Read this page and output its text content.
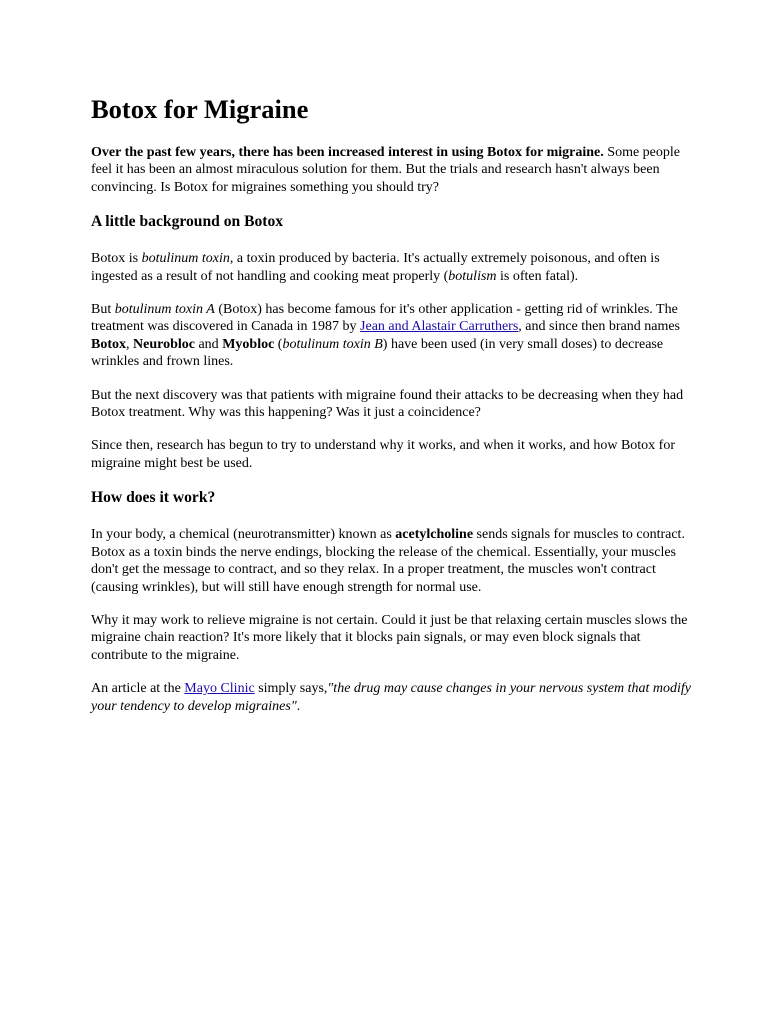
Botox for Migraine

Over the past few years, there has been increased interest in using Botox for migraine. Some people feel it has been an almost miraculous solution for them. But the trials and research hasn't always been convincing. Is Botox for migraines something you should try?

A little background on Botox

Botox is botulinum toxin, a toxin produced by bacteria. It's actually extremely poisonous, and often is ingested as a result of not handling and cooking meat properly (botulism is often fatal).

But botulinum toxin A (Botox) has become famous for it's other application - getting rid of wrinkles. The treatment was discovered in Canada in 1987 by Jean and Alastair Carruthers, and since then brand names Botox, Neurobloc and Myobloc (botulinum toxin B) have been used (in very small doses) to decrease wrinkles and frown lines.

But the next discovery was that patients with migraine found their attacks to be decreasing when they had Botox treatment. Why was this happening? Was it just a coincidence?

Since then, research has begun to try to understand why it works, and when it works, and how Botox for migraine might best be used.

How does it work?

In your body, a chemical (neurotransmitter) known as acetylcholine sends signals for muscles to contract. Botox as a toxin binds the nerve endings, blocking the release of the chemical. Essentially, your muscles don't get the message to contract, and so they relax. In a proper treatment, the muscles won't contract (causing wrinkles), but will still have enough strength for normal use.

Why it may work to relieve migraine is not certain. Could it just be that relaxing certain muscles slows the migraine chain reaction? It's more likely that it blocks pain signals, or may even block signals that contribute to the migraine.

An article at the Mayo Clinic simply says,"the drug may cause changes in your nervous system that modify your tendency to develop migraines".
